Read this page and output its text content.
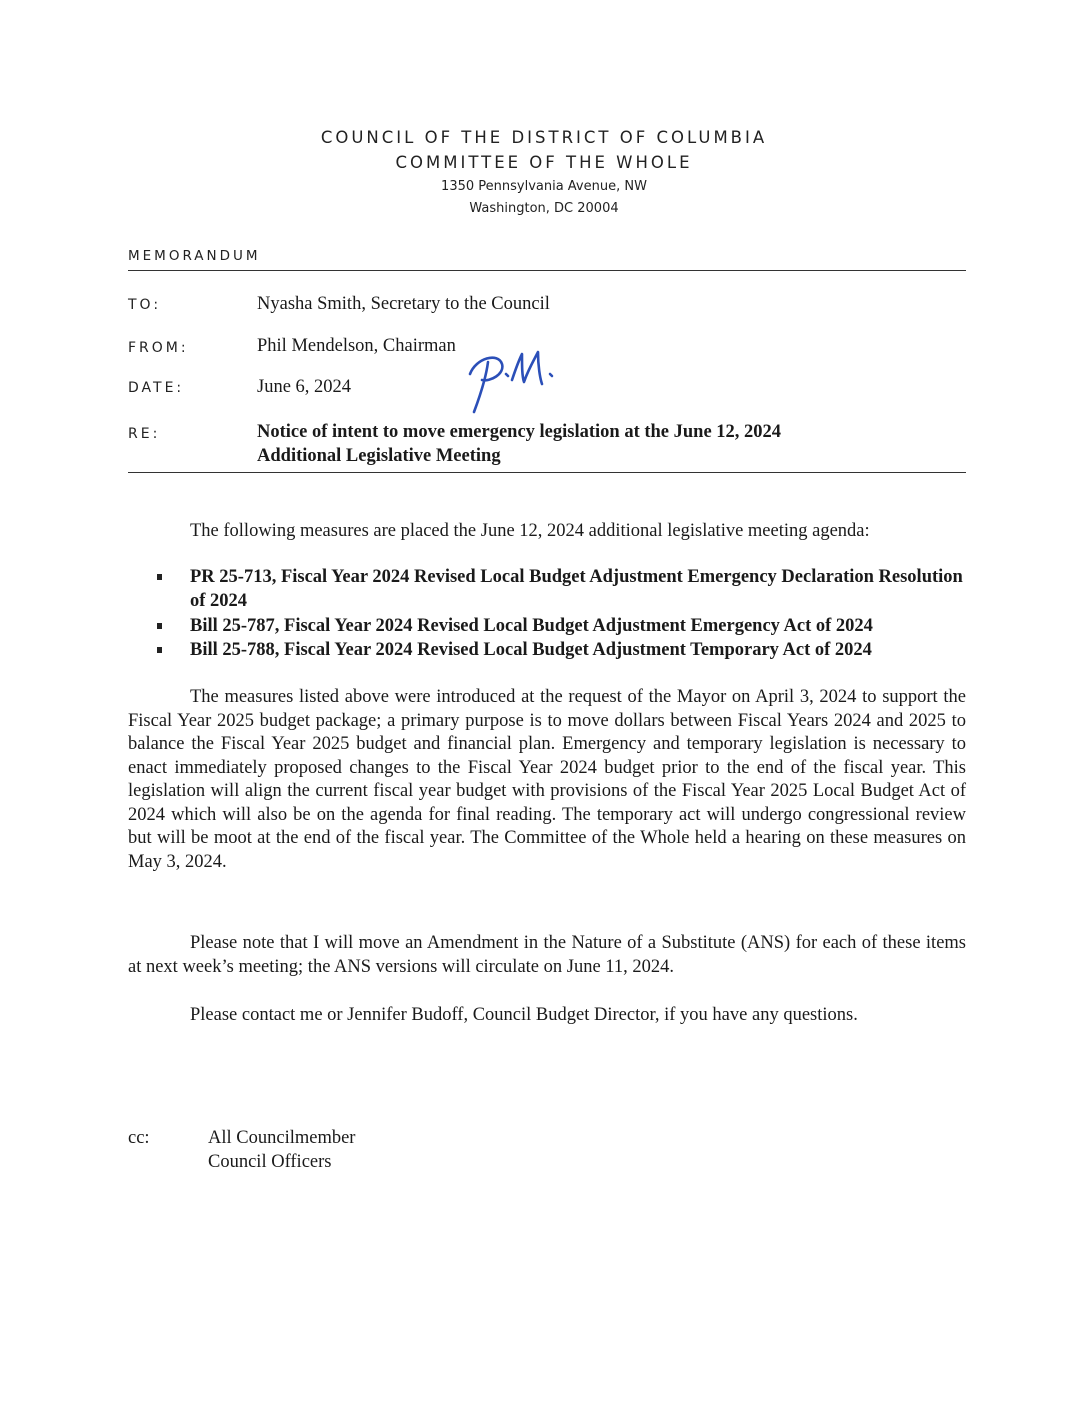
COUNCIL OF THE DISTRICT OF COLUMBIA
COMMITTEE OF THE WHOLE
1350 Pennsylvania Avenue, NW
Washington, DC 20004
MEMORANDUM
TO:	Nyasha Smith, Secretary to the Council
FROM:	Phil Mendelson, Chairman
DATE:	June 6, 2024
RE:	Notice of intent to move emergency legislation at the June 12, 2024
Additional Legislative Meeting
The following measures are placed the June 12, 2024 additional legislative meeting agenda:
PR 25-713, Fiscal Year 2024 Revised Local Budget Adjustment Emergency Declaration Resolution of 2024
Bill 25-787, Fiscal Year 2024 Revised Local Budget Adjustment Emergency Act of 2024
Bill 25-788, Fiscal Year 2024 Revised Local Budget Adjustment Temporary Act of 2024
The measures listed above were introduced at the request of the Mayor on April 3, 2024 to support the Fiscal Year 2025 budget package; a primary purpose is to move dollars between Fiscal Years 2024 and 2025 to balance the Fiscal Year 2025 budget and financial plan. Emergency and temporary legislation is necessary to enact immediately proposed changes to the Fiscal Year 2024 budget prior to the end of the fiscal year. This legislation will align the current fiscal year budget with provisions of the Fiscal Year 2025 Local Budget Act of 2024 which will also be on the agenda for final reading. The temporary act will undergo congressional review but will be moot at the end of the fiscal year. The Committee of the Whole held a hearing on these measures on May 3, 2024.
Please note that I will move an Amendment in the Nature of a Substitute (ANS) for each of these items at next week’s meeting; the ANS versions will circulate on June 11, 2024.
Please contact me or Jennifer Budoff, Council Budget Director, if you have any questions.
cc:	All Councilmember
Council Officers
